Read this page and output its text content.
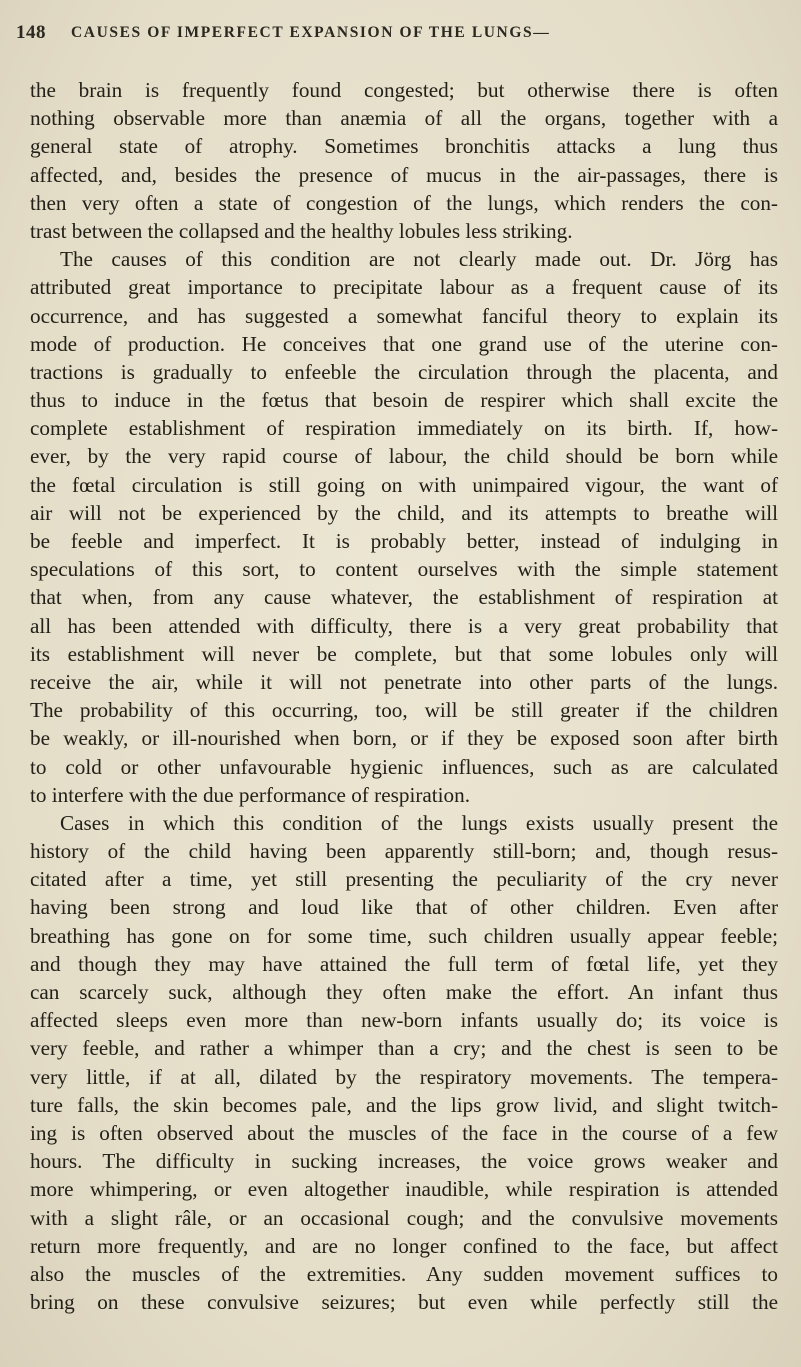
148 CAUSES OF IMPERFECT EXPANSION OF THE LUNGS—
the brain is frequently found congested; but otherwise there is often
nothing observable more than anæmia of all the organs, together with a
general state of atrophy. Sometimes bronchitis attacks a lung thus
affected, and, besides the presence of mucus in the air-passages, there is
then very often a state of congestion of the lungs, which renders the con-
trast between the collapsed and the healthy lobules less striking.
The causes of this condition are not clearly made out. Dr. Jörg has
attributed great importance to precipitate labour as a frequent cause of its
occurrence, and has suggested a somewhat fanciful theory to explain its
mode of production. He conceives that one grand use of the uterine con-
tractions is gradually to enfeeble the circulation through the placenta, and
thus to induce in the fœtus that besoin de respirer which shall excite the
complete establishment of respiration immediately on its birth. If, how-
ever, by the very rapid course of labour, the child should be born while
the fœtal circulation is still going on with unimpaired vigour, the want of
air will not be experienced by the child, and its attempts to breathe will
be feeble and imperfect. It is probably better, instead of indulging in
speculations of this sort, to content ourselves with the simple statement
that when, from any cause whatever, the establishment of respiration at
all has been attended with difficulty, there is a very great probability that
its establishment will never be complete, but that some lobules only will
receive the air, while it will not penetrate into other parts of the lungs.
The probability of this occurring, too, will be still greater if the children
be weakly, or ill-nourished when born, or if they be exposed soon after birth
to cold or other unfavourable hygienic influences, such as are calculated
to interfere with the due performance of respiration.
Cases in which this condition of the lungs exists usually present the
history of the child having been apparently still-born; and, though resus-
citated after a time, yet still presenting the peculiarity of the cry never
having been strong and loud like that of other children. Even after
breathing has gone on for some time, such children usually appear feeble;
and though they may have attained the full term of fœtal life, yet they
can scarcely suck, although they often make the effort. An infant thus
affected sleeps even more than new-born infants usually do; its voice is
very feeble, and rather a whimper than a cry; and the chest is seen to be
very little, if at all, dilated by the respiratory movements. The tempera-
ture falls, the skin becomes pale, and the lips grow livid, and slight twitch-
ing is often observed about the muscles of the face in the course of a few
hours. The difficulty in sucking increases, the voice grows weaker and
more whimpering, or even altogether inaudible, while respiration is attended
with a slight râle, or an occasional cough; and the convulsive movements
return more frequently, and are no longer confined to the face, but affect
also the muscles of the extremities. Any sudden movement suffices to
bring on these convulsive seizures; but even while perfectly still the
